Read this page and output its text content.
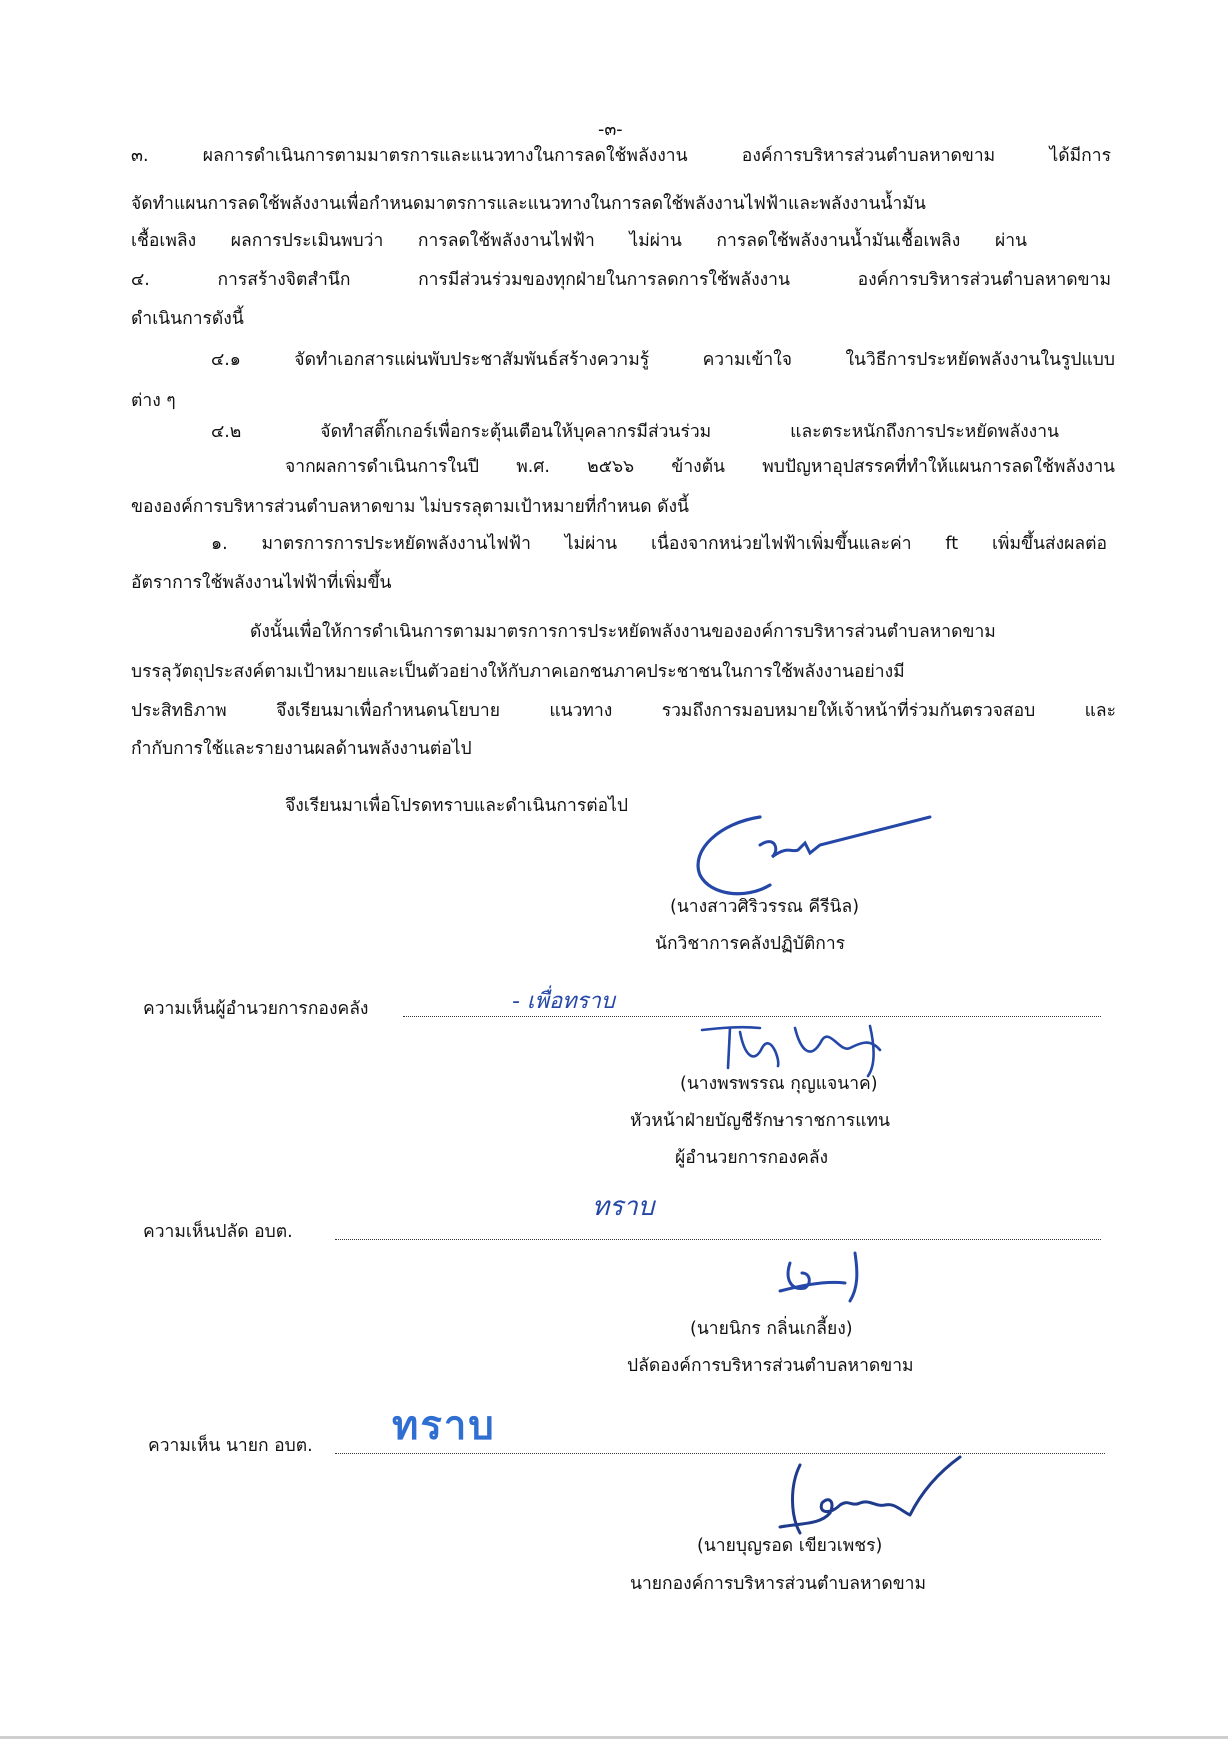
-๓-
๓. ผลการดำเนินการตามมาตรการและแนวทางในการลดใช้พลังงาน องค์การบริหารส่วนตำบลหาดขาม ได้มีการ
จัดทำแผนการลดใช้พลังงานเพื่อกำหนดมาตรการและแนวทางในการลดใช้พลังงานไฟฟ้าและพลังงานน้ำมัน
เชื้อเพลิง ผลการประเมินพบว่า การลดใช้พลังงานไฟฟ้า ไม่ผ่าน การลดใช้พลังงานน้ำมันเชื้อเพลิง ผ่าน
๔. การสร้างจิตสำนึก การมีส่วนร่วมของทุกฝ่ายในการลดการใช้พลังงาน องค์การบริหารส่วนตำบลหาดขาม
ดำเนินการดังนี้
๔.๑ จัดทำเอกสารแผ่นพับประชาสัมพันธ์สร้างความรู้ ความเข้าใจ ในวิธีการประหยัดพลังงานในรูปแบบ
ต่าง ๆ
๔.๒ จัดทำสติ๊กเกอร์เพื่อกระตุ้นเตือนให้บุคลากรมีส่วนร่วม และตระหนักถึงการประหยัดพลังงาน
จากผลการดำเนินการในปี พ.ศ. ๒๕๖๖ ข้างต้น พบปัญหาอุปสรรคที่ทำให้แผนการลดใช้พลังงาน
ขององค์การบริหารส่วนตำบลหาดขาม ไม่บรรลุตามเป้าหมายที่กำหนด ดังนี้
๑. มาตรการการประหยัดพลังงานไฟฟ้า ไม่ผ่าน เนื่องจากหน่วยไฟฟ้าเพิ่มขึ้นและค่า ft เพิ่มขึ้นส่งผลต่อ
อัตราการใช้พลังงานไฟฟ้าที่เพิ่มขึ้น
ดังนั้นเพื่อให้การดำเนินการตามมาตรการการประหยัดพลังงานขององค์การบริหารส่วนตำบลหาดขาม
บรรลุวัตถุประสงค์ตามเป้าหมายและเป็นตัวอย่างให้กับภาคเอกชนภาคประชาชนในการใช้พลังงานอย่างมี
ประสิทธิภาพ จึงเรียนมาเพื่อกำหนดนโยบาย แนวทาง รวมถึงการมอบหมายให้เจ้าหน้าที่ร่วมกันตรวจสอบ และ
กำกับการใช้และรายงานผลด้านพลังงานต่อไป
จึงเรียนมาเพื่อโปรดทราบและดำเนินการต่อไป
(นางสาวศิริวรรณ คีรีนิล)
นักวิชาการคลังปฏิบัติการ
ความเห็นผู้อำนวยการกองคลัง	- เพื่อทราบ
(นางพรพรรณ กุญแจนาค)
หัวหน้าฝ่ายบัญชีรักษาราชการแทน
ผู้อำนวยการกองคลัง
ทราบ
ความเห็นปลัด อบต.
(นายนิกร กลิ่นเกลี้ยง)
ปลัดองค์การบริหารส่วนตำบลหาดขาม
ความเห็น นายก อบต. ทราบ
(นายบุญรอด เขียวเพชร)
นายกองค์การบริหารส่วนตำบลหาดขาม
